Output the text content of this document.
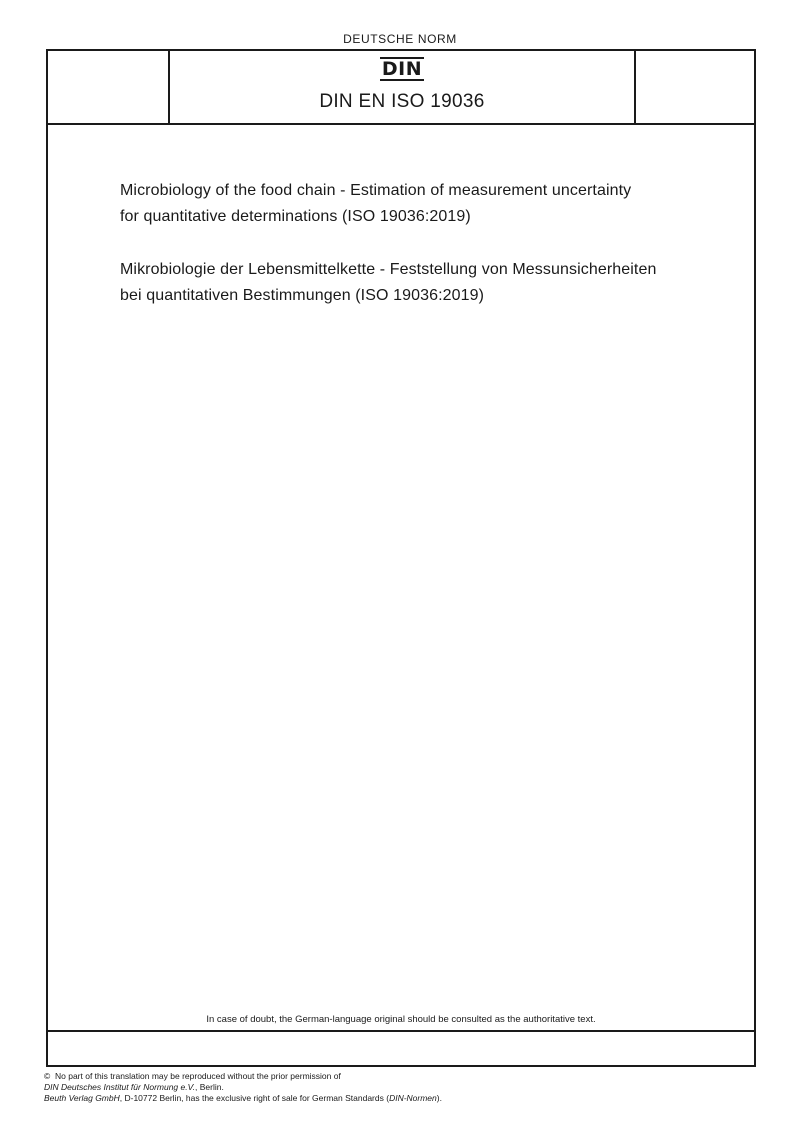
DEUTSCHE NORM
DIN
DIN EN ISO 19036
Microbiology of the food chain - Estimation of measurement uncertainty
for quantitative determinations (ISO 19036:2019)
Mikrobiologie der Lebensmittelkette - Feststellung von Messunsicherheiten
bei quantitativen Bestimmungen (ISO 19036:2019)
In case of doubt, the German-language original should be consulted as the authoritative text.
© No part of this translation may be reproduced without the prior permission of
DIN Deutsches Institut für Normung e.V., Berlin.
Beuth Verlag GmbH, D-10772 Berlin, has the exclusive right of sale for German Standards (DIN-Normen).
